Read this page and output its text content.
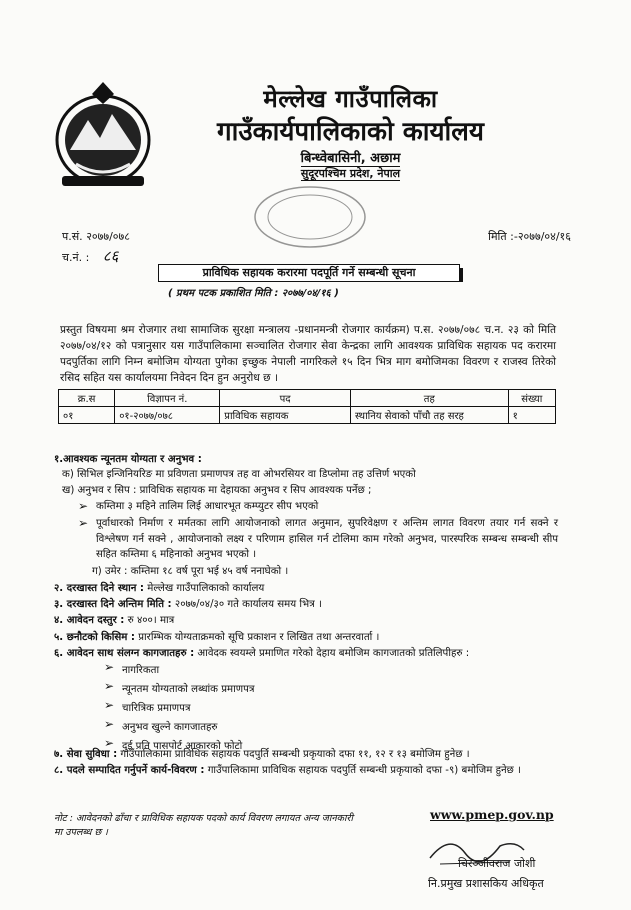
मेल्लेख गाउँपालिका
गाउँकार्यपालिकाको कार्यालय
बिन्ध्वेबासिनी, अछाम
सुदूरपश्चिम प्रदेश, नेपाल
प.सं. २०७७/०७८
च.नं. : ८६
मिति :-२०७७/०४/१६
प्राविधिक सहायक करारमा पदपूर्ति गर्ने सम्बन्धी सूचना
( प्रथम पटक प्रकाशित मिति : २०७७/०४/१६ )
प्रस्तुत विषयमा श्रम रोजगार तथा सामाजिक सुरक्षा मन्त्रालय -प्रधानमन्त्री रोजगार कार्यक्रम) प.स. २०७७/०७८ च.न. २३ को मिति २०७७/०४/१२ को पत्रानुसार यस गाउँपालिकामा सञ्चालित रोजगार सेवा केन्द्रका लागि आवश्यक प्राविधिक सहायक पद करारमा पदपुर्तिका लागि निम्न बमोजिम योग्यता पुगेका इच्छुक नेपाली नागरिकले १५ दिन भित्र माग बमोजिमका विवरण र राजस्व तिरेको रसिद सहित यस कार्यालयमा निवेदन दिन हुन अनुरोध छ ।
क्र.स	विज्ञापन नं.	पद	तह	संख्या
०१	०१-२०७७/०७८	प्राविधिक सहायक	स्थानिय सेवाको पाँचौ तह सरह	१
१.आवश्यक न्यूनतम योग्यता र अनुभव :
क) सिभिल इन्जिनियरिङ मा प्रविणता प्रमाणपत्र तह वा ओभरसियर वा डिप्लोमा तह उत्तिर्ण भएको
ख) अनुभव र सिप : प्राविधिक सहायक मा देहायका अनुभव र सिप आवश्यक पर्नेछ ;
➢ कम्तिमा ३ महिने तालिम लिई आधारभूत कम्प्युटर सीप भएको
➢ पूर्वाधारको निर्माण र मर्मतका लागि आयोजनाको लागत अनुमान, सुपरिवेक्षण र अन्तिम लागत विवरण तयार गर्न सक्ने र विश्लेषण गर्न सक्ने , आयोजनाको लक्ष्य र परिणाम हासिल गर्न टोलिमा काम गरेको अनुभव, पारस्परिक सम्बन्ध सम्बन्धी सीप सहित कम्तिमा ६ महिनाको अनुभव भएको ।
ग) उमेर : कम्तिमा १८ वर्ष पूरा भई ४५ वर्ष ननाघेको ।
२. दरखास्त दिने स्थान : मेल्लेख गाउँपालिकाको कार्यालय
३. दरखास्त दिने अन्तिम मिति : २०७७/०४/३० गते कार्यालय समय भित्र ।
४. आवेदन दस्तुर : रु ४००। मात्र
५. छनौटको किसिम : प्रारम्भिक योग्यताक्रमको सूचि प्रकाशन र लिखित तथा अन्तरवार्ता ।
६. आवेदन साथ संलग्न कागजातहरु : आवेदक स्वयम्ले प्रमाणित गरेको देहाय बमोजिम कागजातको प्रतिलिपीहरु :
➢ नागरिकता
➢ न्यूनतम योग्यताको लब्धांक प्रमाणपत्र
➢ चारित्रिक प्रमाणपत्र
➢ अनुभव खुल्ने कागजातहरु
➢ दुई प्रति पासपोर्ट आकारको फोटो
७. सेवा सुविधा : गाउँपालिकामा प्राविधिक सहायक पदपुर्ति सम्बन्धी प्रकृयाको दफा ११, १२ र १३ बमोजिम हुनेछ ।
८. पदले सम्पादित गर्नुपर्ने कार्य-विवरण : गाउँपालिकामा प्राविधिक सहायक पदपुर्ति सम्बन्धी प्रकृयाको दफा -९) बमोजिम हुनेछ ।
नोट : आवेदनको ढाँचा र प्राविधिक सहायक पदको कार्य विवरण लगायत अन्य जानकारी	www.pmep.gov.np

मा उपलब्ध छ ।
चिरञ्जीवराज जोशी
नि.प्रमुख प्रशासकिय अधिकृत
